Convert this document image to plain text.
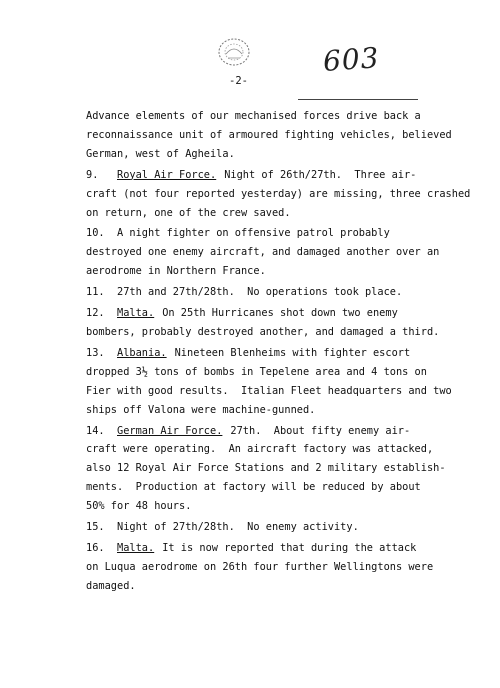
-2-
603
Advance elements of our mechanised forces drive back a
reconnaissance unit of armoured fighting vehicles, believed
German, west of Agheila.
9. Royal Air Force. Night of 26th/27th.  Three air-
craft (not four reported yesterday) are missing, three crashed
on return, one of the crew saved.
10. A night fighter on offensive patrol probably
destroyed one enemy aircraft, and damaged another over an
aerodrome in Northern France.
11. 27th and 27th/28th.  No operations took place.
12. Malta. On 25th Hurricanes shot down two enemy
bombers, probably destroyed another, and damaged a third.
13. Albania. Nineteen Blenheims with fighter escort
dropped 3½ tons of bombs in Tepelene area and 4 tons on
Fier with good results.  Italian Fleet headquarters and two
ships off Valona were machine-gunned.
14. German Air Force. 27th.  About fifty enemy air-
craft were operating.  An aircraft factory was attacked,
also 12 Royal Air Force Stations and 2 military establish-
ments.  Production at factory will be reduced by about
50% for 48 hours.
15. Night of 27th/28th.  No enemy activity.
16. Malta. It is now reported that during the attack
on Luqua aerodrome on 26th four further Wellingtons were
damaged.
